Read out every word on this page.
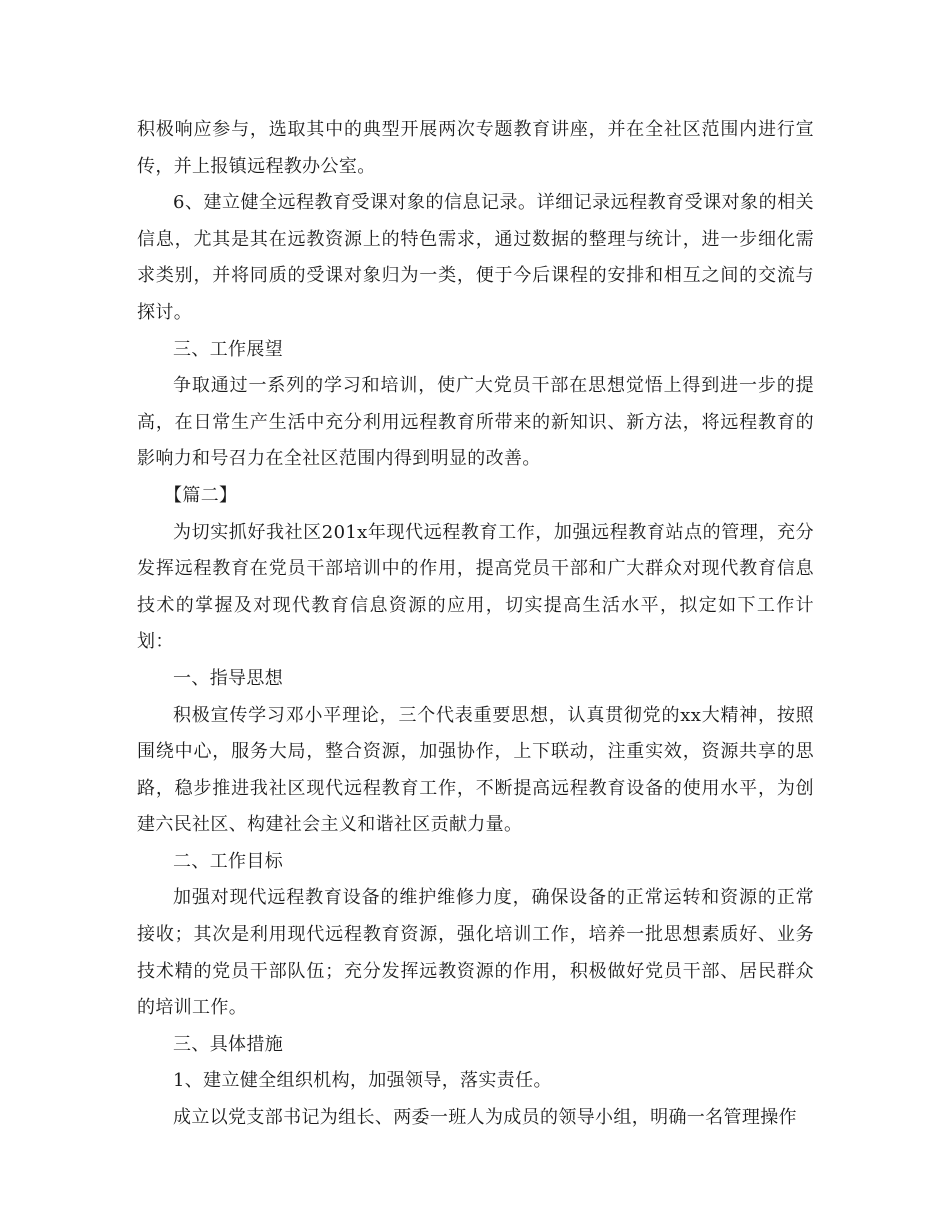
积极响应参与，选取其中的典型开展两次专题教育讲座，并在全社区范围内进行宣传，并上报镇远程教办公室。

6、建立健全远程教育受课对象的信息记录。详细记录远程教育受课对象的相关信息，尤其是其在远教资源上的特色需求，通过数据的整理与统计，进一步细化需求类别，并将同质的受课对象归为一类，便于今后课程的安排和相互之间的交流与探讨。

三、工作展望

争取通过一系列的学习和培训，使广大党员干部在思想觉悟上得到进一步的提高，在日常生产生活中充分利用远程教育所带来的新知识、新方法，将远程教育的影响力和号召力在全社区范围内得到明显的改善。

【篇二】

为切实抓好我社区201x年现代远程教育工作，加强远程教育站点的管理，充分发挥远程教育在党员干部培训中的作用，提高党员干部和广大群众对现代教育信息技术的掌握及对现代教育信息资源的应用，切实提高生活水平，拟定如下工作计划：

一、指导思想

积极宣传学习邓小平理论，三个代表重要思想，认真贯彻党的xx大精神，按照围绕中心，服务大局，整合资源，加强协作，上下联动，注重实效，资源共享的思路，稳步推进我社区现代远程教育工作，不断提高远程教育设备的使用水平，为创建六民社区、构建社会主义和谐社区贡献力量。

二、工作目标

加强对现代远程教育设备的维护维修力度，确保设备的正常运转和资源的正常接收；其次是利用现代远程教育资源，强化培训工作，培养一批思想素质好、业务技术精的党员干部队伍；充分发挥远教资源的作用，积极做好党员干部、居民群众的培训工作。

三、具体措施

1、建立健全组织机构，加强领导，落实责任。

成立以党支部书记为组长、两委一班人为成员的领导小组，明确一名管理操作
